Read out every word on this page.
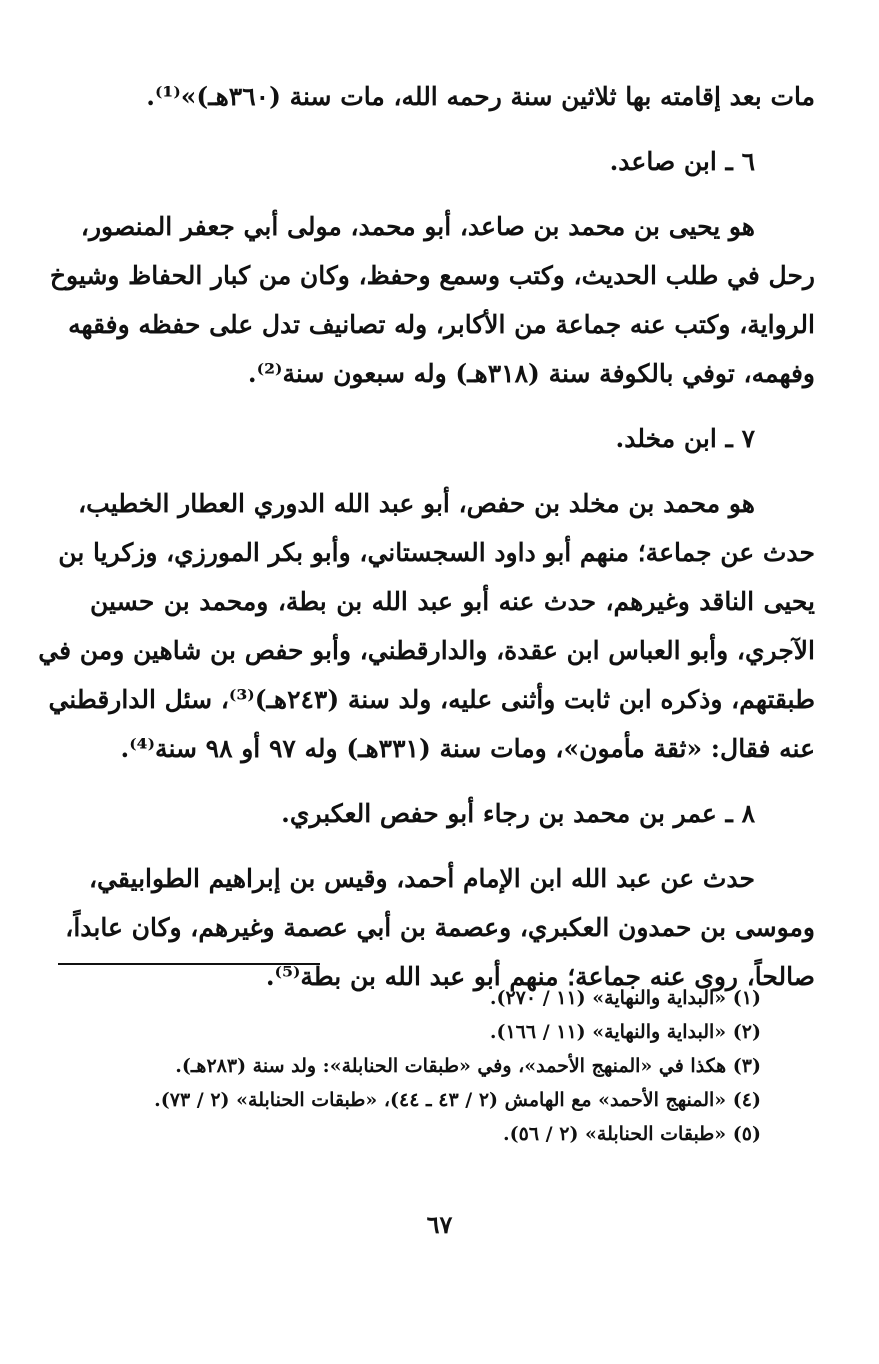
مات بعد إقامته بها ثلاثين سنة رحمه الله، مات سنة (٣٦٠هـ)»⁽¹⁾.
٦ ـ ابن صاعد.
هو يحيى بن محمد بن صاعد، أبو محمد، مولى أبي جعفر المنصور،
رحل في طلب الحديث، وكتب وسمع وحفظ، وكان من كبار الحفاظ وشيوخ
الرواية، وكتب عنه جماعة من الأكابر، وله تصانيف تدل على حفظه وفقهه
وفهمه، توفي بالكوفة سنة (٣١٨هـ) وله سبعون سنة⁽²⁾.
٧ ـ ابن مخلد.
هو محمد بن مخلد بن حفص، أبو عبد الله الدوري العطار الخطيب،
حدث عن جماعة؛ منهم أبو داود السجستاني، وأبو بكر المورزي، وزكريا بن
يحيى الناقد وغيرهم، حدث عنه أبو عبد الله بن بطة، ومحمد بن حسين
الآجري، وأبو العباس ابن عقدة، والدارقطني، وأبو حفص بن شاهين ومن في
طبقتهم، وذكره ابن ثابت وأثنى عليه، ولد سنة (٢٤٣هـ)⁽³⁾، سئل الدارقطني
عنه فقال: «ثقة مأمون»، ومات سنة (٣٣١هـ) وله ٩٧ أو ٩٨ سنة⁽⁴⁾.
٨ ـ عمر بن محمد بن رجاء أبو حفص العكبري.
حدث عن عبد الله ابن الإمام أحمد، وقيس بن إبراهيم الطوابيقي،
وموسى بن حمدون العكبري، وعصمة بن أبي عصمة وغيرهم، وكان عابداً،
صالحاً، روى عنه جماعة؛ منهم أبو عبد الله بن بطة⁽⁵⁾.
(١) «البداية والنهاية» (١١ / ٢٧٠).
(٢) «البداية والنهاية» (١١ / ١٦٦).
(٣) هكذا في «المنهج الأحمد»، وفي «طبقات الحنابلة»: ولد سنة (٢٨٣هـ).
(٤) «المنهج الأحمد» مع الهامش (٢ / ٤٣ ـ ٤٤)، «طبقات الحنابلة» (٢ / ٧٣).
(٥) «طبقات الحنابلة» (٢ / ٥٦).
٦٧
